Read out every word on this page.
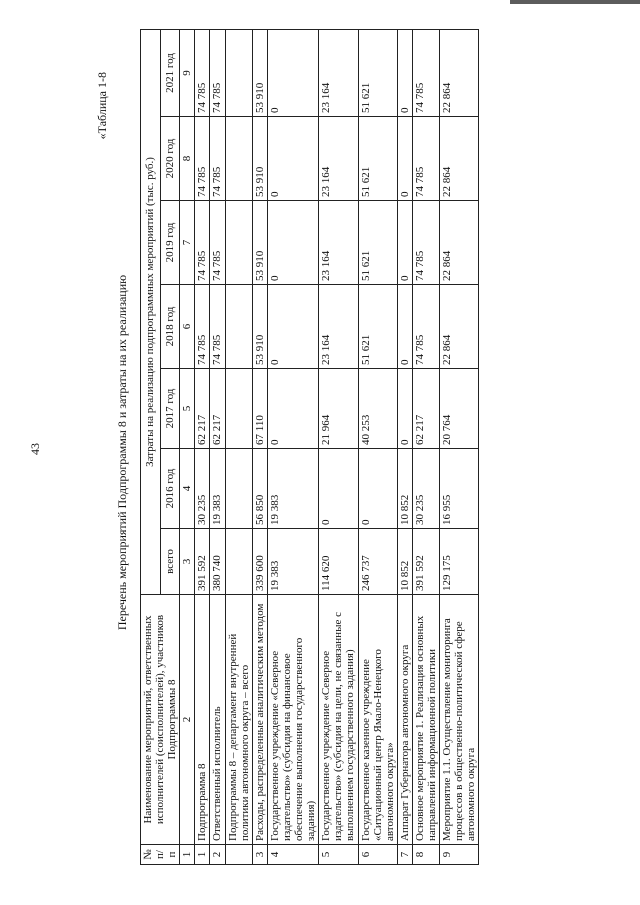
43
«Таблица 1-8
Перечень мероприятий Подпрограммы 8 и затраты на их реализацию
№ п/п	Наименование мероприятий, ответственных исполнителей (соисполнителей), участников Подпрограммы 8	Затраты на реализацию подпрограммных мероприятий (тыс. руб.)						
		всего	2016 год	2017 год	2018 год	2019 год	2020 год	2021 год
1	2	3	4	5	6	7	8	9
1	Подпрограмма 8	391 592	30 235	62 217	74 785	74 785	74 785	74 785
2	Ответственный исполнитель	380 740	19 383	62 217	74 785	74 785	74 785	74 785
	Подпрограммы 8 – департамент внутренней политики автономного округа – всего							
3	Расходы, распределенные аналитическим методом	339 600	56 850	67 110	53 910	53 910	53 910	53 910
4	Государственное учреждение «Северное издательство» (субсидия на финансовое обеспечение выполнения государственного задания)	19 383	19 383	0	0	0	0	0
5	Государственное учреждение «Северное издательство» (субсидия на цели, не связанные с выполнением государственного задания)	114 620	0	21 964	23 164	23 164	23 164	23 164
6	Государственное казенное учреждение «Ситуационный центр Ямало-Ненецкого автономного округа»	246 737	0	40 253	51 621	51 621	51 621	51 621
7	Аппарат Губернатора автономного округа	10 852	10 852	0	0	0	0	0
8	Основное мероприятие 1. Реализация основных направлений информационной политики	391 592	30 235	62 217	74 785	74 785	74 785	74 785
9	Мероприятие 1.1. Осуществление мониторинга процессов в общественно-политической сфере автономного округа	129 175	16 955	20 764	22 864	22 864	22 864	22 864
